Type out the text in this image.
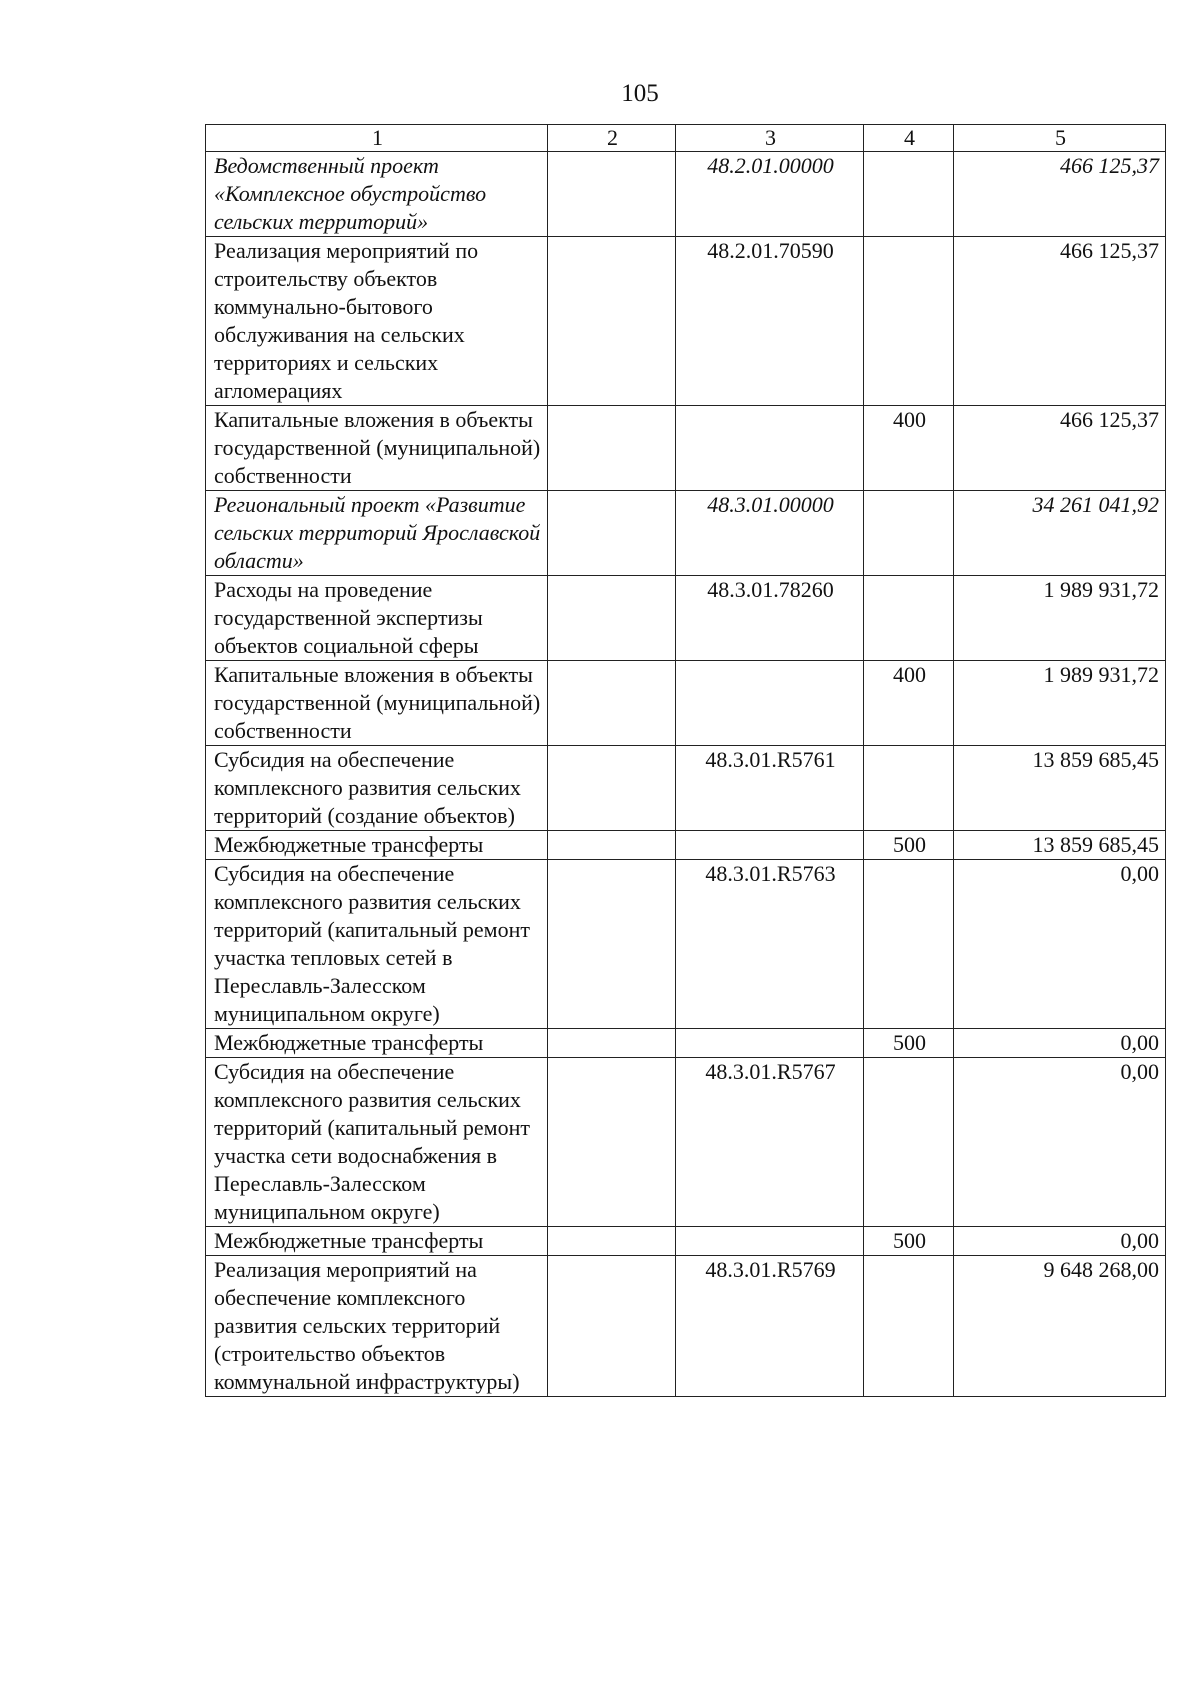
105
1	2	3	4	5
Ведомственный проект «Комплексное обустройство сельских территорий»		48.2.01.00000		466 125,37
Реализация мероприятий по строительству объектов коммунально-бытового обслуживания на сельских территориях и сельских агломерациях		48.2.01.70590		466 125,37
Капитальные вложения в объекты государственной (муниципальной) собственности			400	466 125,37
Региональный проект «Развитие сельских территорий Ярославской области»		48.3.01.00000		34 261 041,92
Расходы на проведение государственной экспертизы объектов социальной сферы		48.3.01.78260		1 989 931,72
Капитальные вложения в объекты государственной (муниципальной) собственности			400	1 989 931,72
Субсидия на обеспечение комплексного развития сельских территорий (создание объектов)		48.3.01.R5761		13 859 685,45
Межбюджетные трансферты			500	13 859 685,45
Субсидия на обеспечение комплексного развития сельских территорий (капитальный ремонт участка тепловых сетей в Переславль-Залесском муниципальном округе)		48.3.01.R5763		0,00
Межбюджетные трансферты			500	0,00
Субсидия на обеспечение комплексного развития сельских территорий (капитальный ремонт участка сети водоснабжения в Переславль-Залесском муниципальном округе)		48.3.01.R5767		0,00
Межбюджетные трансферты			500	0,00
Реализация мероприятий на обеспечение комплексного развития сельских территорий (строительство объектов коммунальной инфраструктуры)		48.3.01.R5769		9 648 268,00
